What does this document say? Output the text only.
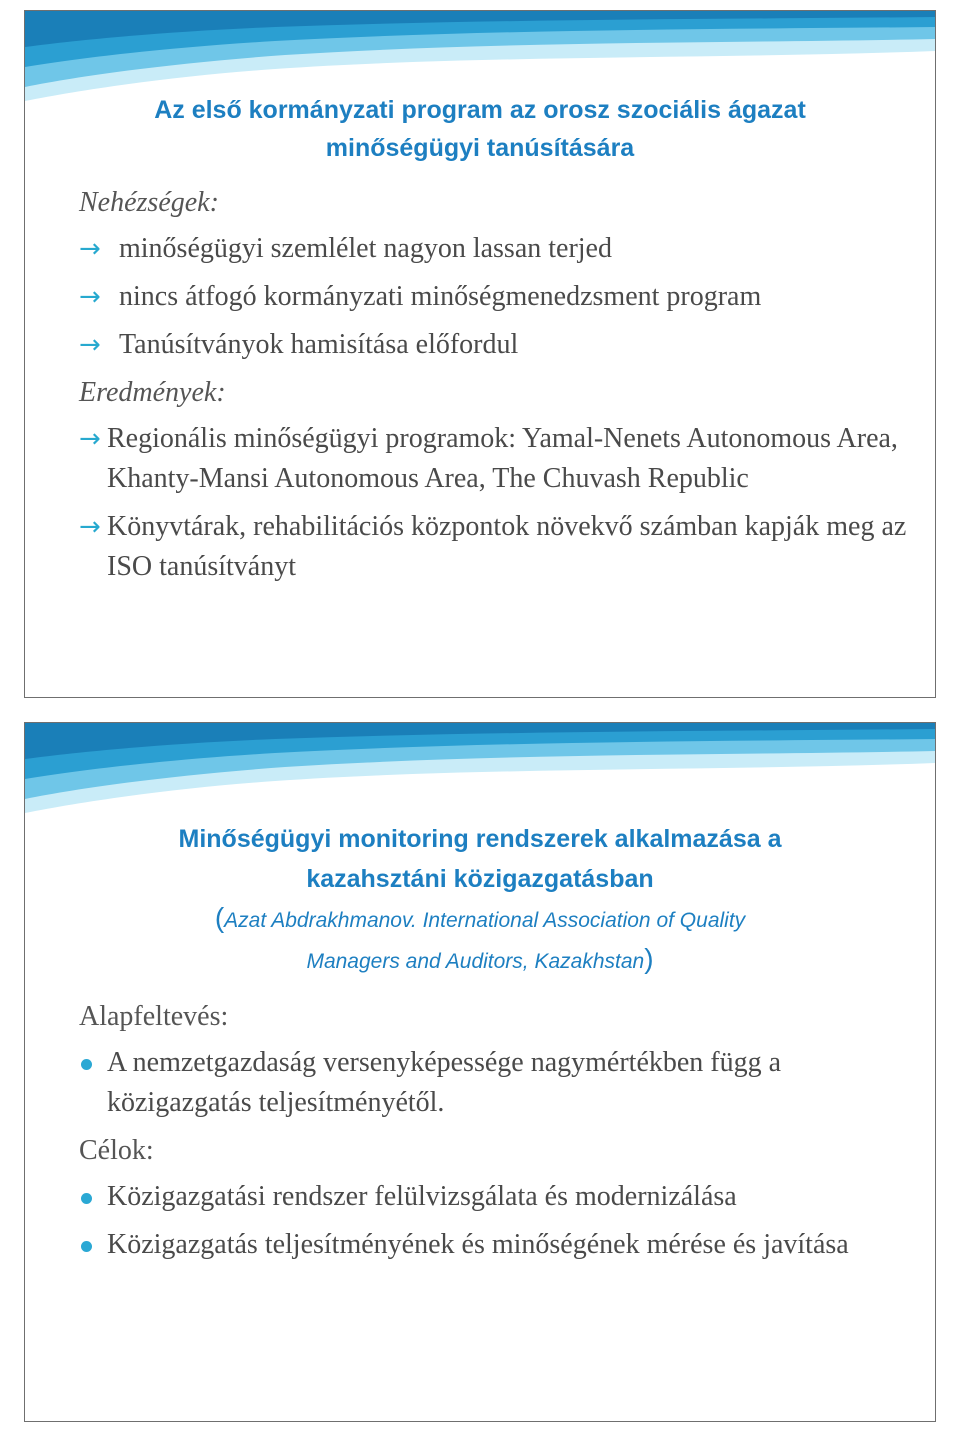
Az első kormányzati program az orosz szociális ágazat
minőségügyi tanúsítására
Nehézségek:
→ minőségügyi szemlélet nagyon lassan terjed
→ nincs átfogó kormányzati minőségmenedzsment program
→ Tanúsítványok hamisítása előfordul
Eredmények:
→ Regionális minőségügyi programok: Yamal-Nenets Autonomous Area, Khanty-Mansi Autonomous Area, The Chuvash Republic
→ Könyvtárak, rehabilitációs központok növekvő számban kapják meg az ISO tanúsítványt
Minőségügyi monitoring rendszerek alkalmazása a
kazahsztáni közigazgatásban
(Azat Abdrakhmanov. International Association of Quality
Managers and Auditors, Kazakhstan)
Alapfeltevés:
A nemzetgazdaság versenyképessége nagymértékben függ a közigazgatás teljesítményétől.
Célok:
Közigazgatási rendszer felülvizsgálata és modernizálása
Közigazgatás teljesítményének és minőségének mérése és javítása
